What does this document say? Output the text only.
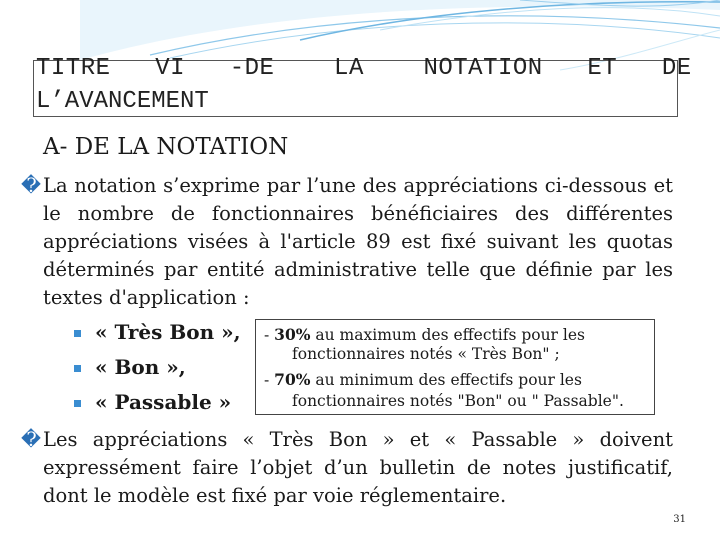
TITRE   VI   -DE    LA    NOTATION   ET   DE
L’AVANCEMENT
A- DE LA NOTATION
� La notation s’exprime par l’une des appréciations ci-dessous et le nombre de fonctionnaires bénéficiaires des différentes appréciations visées à l'article 89 est fixé suivant les quotas déterminés par entité administrative telle que définie par les textes d'application :
« Très Bon »,
« Bon »,
« Passable »
- 30% au maximum des effectifs pour les
fonctionnaires notés « Très Bon" ;
- 70% au minimum des effectifs pour les
fonctionnaires notés "Bon" ou " Passable".
� Les appréciations « Très Bon » et « Passable » doivent expressément faire l’objet d’un bulletin de notes justificatif, dont le modèle est fixé par voie réglementaire.
31
